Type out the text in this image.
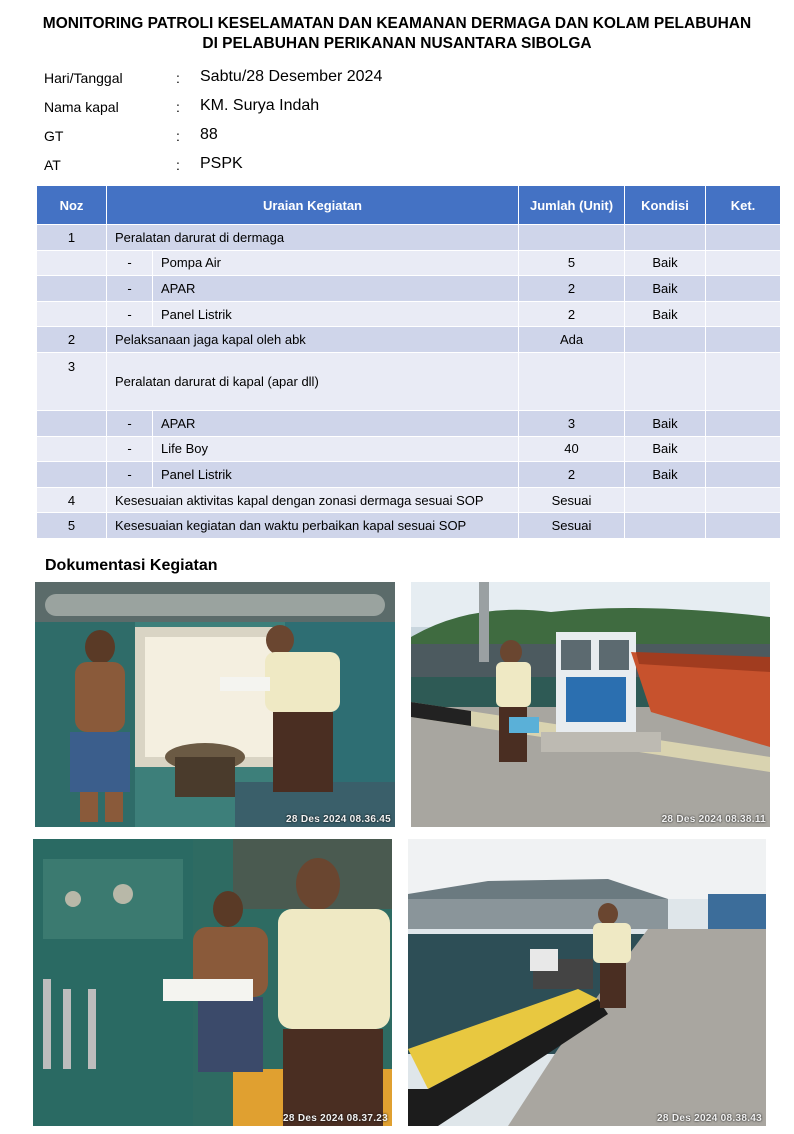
MONITORING PATROLI KESELAMATAN DAN KEAMANAN DERMAGA DAN KOLAM PELABUHAN
DI PELABUHAN PERIKANAN NUSANTARA SIBOLGA
Hari/Tanggal	: Sabtu/28 Desember 2024
Nama kapal	: KM. Surya Indah
GT	: 88
AT	: PSPK
Noz	Uraian Kegiatan		Jumlah (Unit)	Kondisi	Ket.
1	Peralatan darurat di dermaga				
	-	Pompa Air	5	Baik	
	-	APAR	2	Baik	
	-	Panel Listrik	2	Baik	
2	Pelaksanaan jaga kapal oleh abk		Ada		
3	Peralatan darurat di kapal (apar dll)				
	-	APAR	3	Baik	
	-	Life Boy	40	Baik	
	-	Panel Listrik	2	Baik	
4	Kesesuaian aktivitas kapal dengan zonasi dermaga sesuai SOP		Sesuai		
5	Kesesuaian kegiatan dan waktu perbaikan kapal sesuai SOP		Sesuai		
Dokumentasi Kegiatan
28 Des 2024 08.36.45	28 Des 2024 08.38.11
28 Des 2024 08.37.23	28 Des 2024 08.38.43
